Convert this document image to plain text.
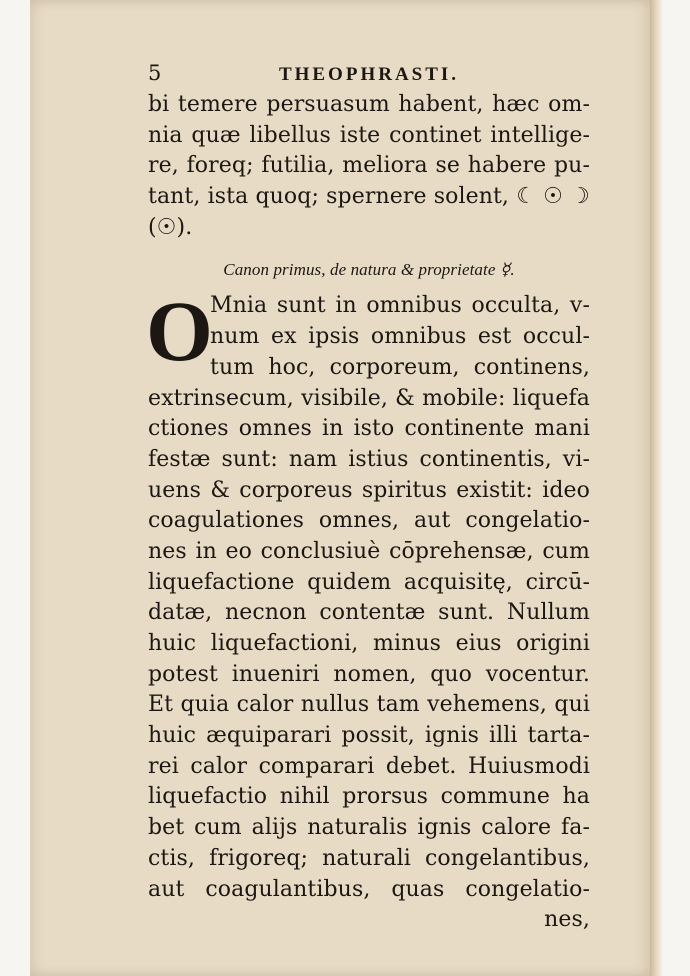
5	THEOPHRASTI.
bi temere persuasum habent, hæc om-
nia quæ libellus iste continet intellige-
re, foreq; futilia, meliora se habere pu-
tant, ista quoq; spernere solent, ☾ ☉ ☽
(☉).
Canon primus, de natura & proprietate ☿.
O
Mnia sunt in omnibus occulta, v-
num ex ipsis omnibus est occul-
tum hoc, corporeum, continens,
extrinsecum, visibile, & mobile: liquefa
ctiones omnes in isto continente mani
festæ sunt: nam istius continentis, vi-
uens & corporeus spiritus existit: ideo
coagulationes omnes, aut congelatio-
nes in eo conclusiuè cōprehensæ, cum
liquefactione quidem acquisitę, circū-
datæ, necnon contentæ sunt. Nullum
huic liquefactioni, minus eius origini
potest inueniri nomen, quo vocentur.
Et quia calor nullus tam vehemens, qui
huic æquiparari possit, ignis illi tarta-
rei calor comparari debet. Huiusmodi
liquefactio nihil prorsus commune ha
bet cum alijs naturalis ignis calore fa-
ctis, frigoreq; naturali congelantibus,
aut coagulantibus, quas congelatio-
nes,
